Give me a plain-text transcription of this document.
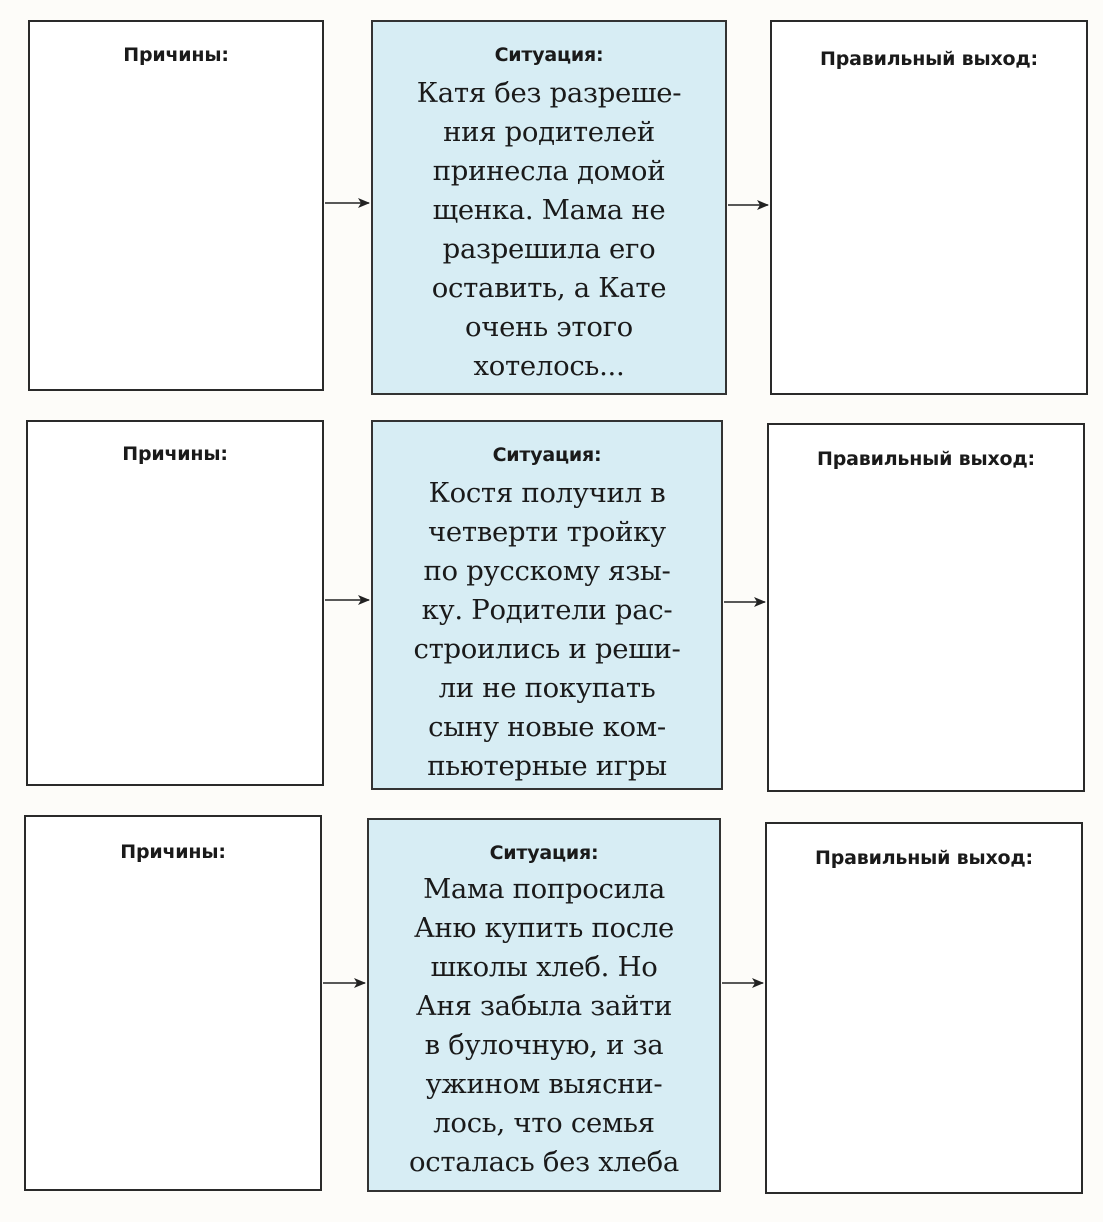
Причины:	Ситуация:
Катя без разреше-
ния родителей
принесла домой
щенка. Мама не
разрешила его
оставить, а Кате
очень этого
хотелось...
Правильный выход:
Причины:	Ситуация:
Костя получил в
четверти тройку
по русскому язы-
ку. Родители рас-
строились и реши-
ли не покупать
сыну новые ком-
пьютерные игры
Правильный выход:
Причины:	Ситуация:
Мама попросила
Аню купить после
школы хлеб. Но
Аня забыла зайти
в булочную, и за
ужином выясни-
лось, что семья
осталась без хлеба
Правильный выход:
